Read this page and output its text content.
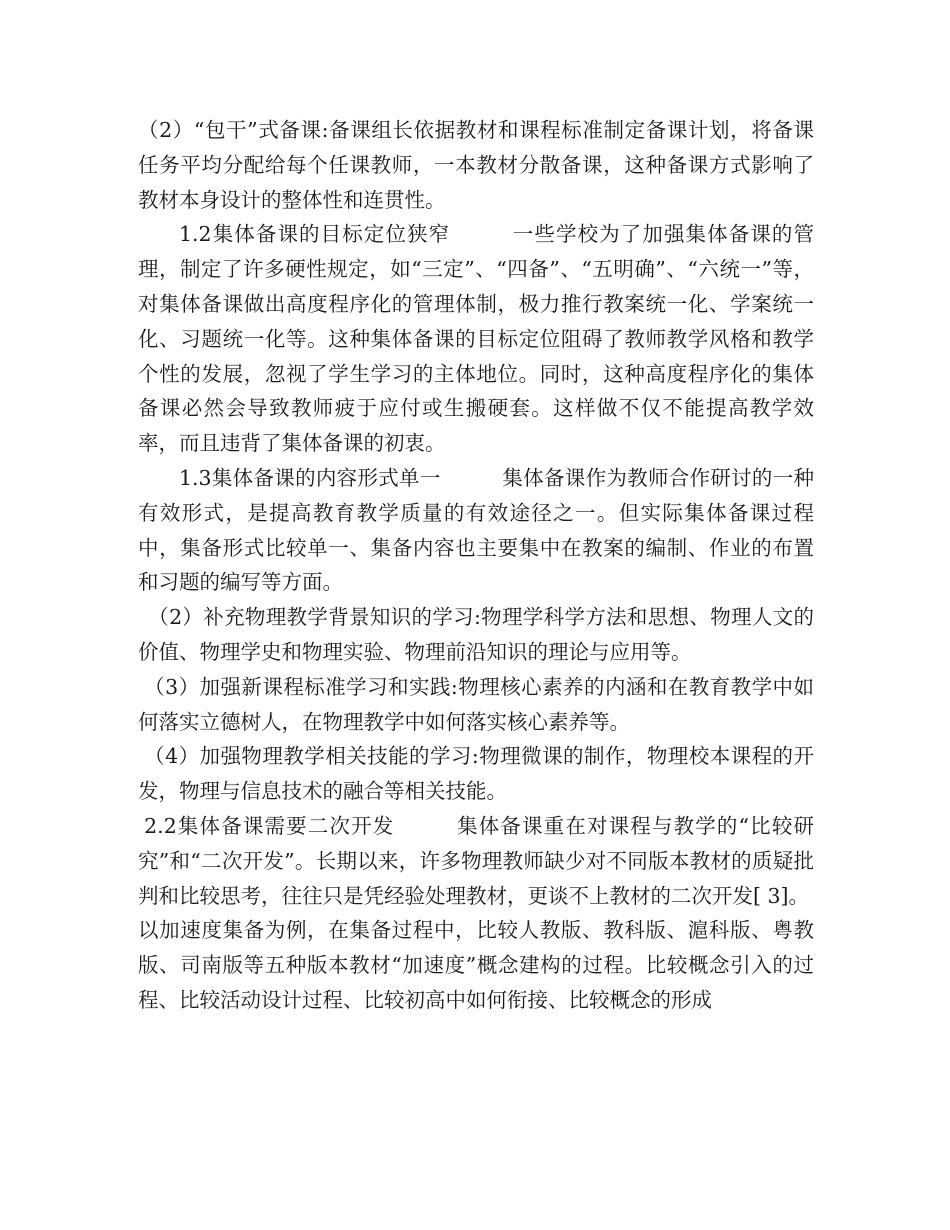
（2）“包干”式备课:备课组长依据教材和课程标准制定备课计划，将备课任务平均分配给每个任课教师，一本教材分散备课，这种备课方式影响了教材本身设计的整体性和连贯性。

1.2集体备课的目标定位狭窄	一些学校为了加强集体备课的管理，制定了许多硬性规定，如“三定”、“四备”、“五明确”、“六统一”等，对集体备课做出高度程序化的管理体制，极力推行教案统一化、学案统一化、习题统一化等。这种集体备课的目标定位阻碍了教师教学风格和教学个性的发展，忽视了学生学习的主体地位。同时，这种高度程序化的集体备课必然会导致教师疲于应付或生搬硬套。这样做不仅不能提高教学效率，而且违背了集体备课的初衷。

1.3集体备课的内容形式单一	集体备课作为教师合作研讨的一种有效形式，是提高教育教学质量的有效途径之一。但实际集体备课过程中，集备形式比较单一、集备内容也主要集中在教案的编制、作业的布置和习题的编写等方面。

（2）补充物理教学背景知识的学习:物理学科学方法和思想、物理人文的价值、物理学史和物理实验、物理前沿知识的理论与应用等。

（3）加强新课程标准学习和实践:物理核心素养的内涵和在教育教学中如何落实立德树人，在物理教学中如何落实核心素养等。

（4）加强物理教学相关技能的学习:物理微课的制作，物理校本课程的开发，物理与信息技术的融合等相关技能。

2.2集体备课需要二次开发	集体备课重在对课程与教学的“比较研究”和“二次开发”。长期以来，许多物理教师缺少对不同版本教材的质疑批判和比较思考，往往只是凭经验处理教材，更谈不上教材的二次开发[ 3]。

以加速度集备为例，在集备过程中，比较人教版、教科版、滬科版、粤教版、司南版等五种版本教材“加速度”概念建构的过程。比较概念引入的过程、比较活动设计过程、比较初高中如何衔接、比较概念的形成
